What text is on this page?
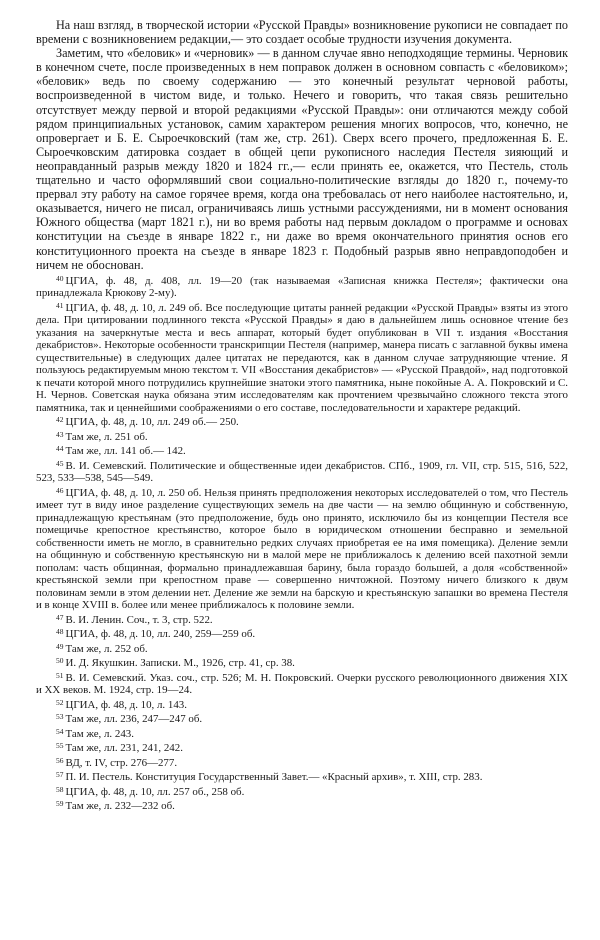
На наш взгляд, в творческой истории «Русской Правды» возникновение рукописи не совпадает по времени с возникновением редакции,— это создает особые трудности изучения документа.

Заметим, что «беловик» и «черновик» — в данном случае явно неподходящие термины. Черновик в конечном счете, после произведенных в нем поправок должен в основном совпасть с «беловиком»; «беловик» ведь по своему содержанию — это конечный результат черновой работы, воспроизведенной в чистом виде, и только. Нечего и говорить, что такая связь решительно отсутствует между первой и второй редакциями «Русской Правды»: они отличаются между собой рядом принципиальных установок, самим характером решения многих вопросов, что, конечно, не опровергает и Б. Е. Сыроечковский (там же, стр. 261). Сверх всего прочего, предложенная Б. Е. Сыроечковским датировка создает в общей цепи рукописного наследия Пестеля зияющий и неоправданный разрыв между 1820 и 1824 гг.,— если принять ее, окажется, что Пестель, столь тщательно и часто оформлявший свои социально-политические взгляды до 1820 г., почему-то прервал эту работу на самое горячее время, когда она требовалась от него наиболее настоятельно, и, оказывается, ничего не писал, ограничиваясь лишь устными рассуждениями, ни в момент основания Южного общества (март 1821 г.), ни во время работы над первым докладом о программе и основах конституции на съезде в январе 1822 г., ни даже во время окончательного принятия основ его конституционного проекта на съезде в январе 1823 г. Подобный разрыв явно неправдоподобен и ничем не обоснован.

$^{40}$ ЦГИА, ф. 48, д. 408, лл. 19—20 (так называемая «Записная книжка Пестеля»; фактически она принадлежала Крюкову 2-му).

$^{41}$ ЦГИА, ф. 48, д. 10, л. 249 об. Все последующие цитаты ранней редакции «Русской Правды» взяты из этого дела. При цитировании подлинного текста «Русской Правды» я даю в дальнейшем лишь основное чтение без указания на зачеркнутые места и весь аппарат, который будет опубликован в VII т. издания «Восстания декабристов». Некоторые особенности транскрипции Пестеля (например, манера писать с заглавной буквы имена существительные) в следующих далее цитатах не передаются, как в данном случае затрудняющие чтение. Я пользуюсь редактируемым мною текстом т. VII «Восстания декабристов» — «Русской Правдой», над подготовкой к печати которой много потрудились крупнейшие знатоки этого памятника, ныне покойные А. А. Покровский и С. Н. Чернов. Советская наука обязана этим исследователям как прочтением чрезвычайно сложного текста этого памятника, так и ценнейшими соображениями о его составе, последовательности и характере редакций.

$^{42}$ ЦГИА, ф. 48, д. 10, лл. 249 об.— 250.

$^{43}$ Там же, л. 251 об.

$^{44}$ Там же, лл. 141 об.— 142.

$^{45}$ В. И. Семевский. Политические и общественные идеи декабристов. СПб., 1909, гл. VII, стр. 515, 516, 522, 523, 533—538, 545—549.

$^{46}$ ЦГИА, ф. 48, д. 10, л. 250 об. Нельзя принять предположения некоторых исследователей о том, что Пестель имеет тут в виду иное разделение существующих земель на две части — на землю общинную и собственную, принадлежащую крестьянам (это предположение, будь оно принято, исключило бы из концепции Пестеля все помещичье крепостное крестьянство, которое было в юридическом отношении бесправно и земельной собственности иметь не могло, в сравнительно редких случаях приобретая ее на имя помещика). Деление земли на общинную и собственную крестьянскую ни в малой мере не приближалось к делению всей пахотной земли пополам: часть общинная, формально принадлежавшая барину, была гораздо большей, а доля «собственной» крестьянской земли при крепостном праве — совершенно ничтожной. Поэтому ничего близкого к двум половинам земли в этом делении нет. Деление же земли на барскую и крестьянскую запашки во времена Пестеля и в конце XVIII в. более или менее приближалось к половине земли.

$^{47}$ В. И. Ленин. Соч., т. 3, стр. 522.

$^{48}$ ЦГИА, ф. 48, д. 10, лл. 240, 259—259 об.

$^{49}$ Там же, л. 252 об.

$^{50}$ И. Д. Якушкин. Записки. М., 1926, стр. 41, ср. 38.

$^{51}$ В. И. Семевский. Указ. соч., стр. 526; М. Н. Покровский. Очерки русского революционного движения XIX и XX веков. М. 1924, стр. 19—24.

$^{52}$ ЦГИА, ф. 48, д. 10, л. 143.

$^{53}$ Там же, лл. 236, 247—247 об.

$^{54}$ Там же, л. 243.

$^{55}$ Там же, лл. 231, 241, 242.

$^{56}$ ВД, т. IV, стр. 276—277.

$^{57}$ П. И. Пестель. Конституция Государственный Завет.— «Красный архив», т. XIII, стр. 283.

$^{58}$ ЦГИА, ф. 48, д. 10, лл. 257 об., 258 об.

$^{59}$ Там же, л. 232—232 об.
